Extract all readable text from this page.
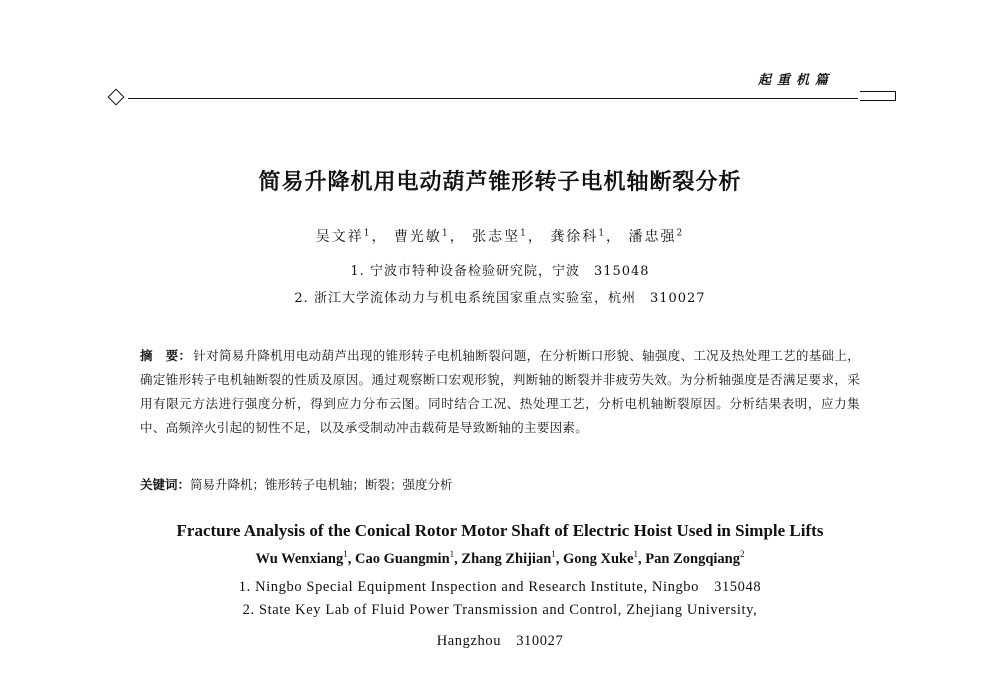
起重机篇
简易升降机用电动葫芦锥形转子电机轴断裂分析
吴文祥$^1$， 曹光敏$^1$， 张志坚$^1$， 龚徐科$^1$， 潘忠强$^2$
1. 宁波市特种设备检验研究院，宁波　315048
2. 浙江大学流体动力与机电系统国家重点实验室，杭州　310027
摘　要： 针对简易升降机用电动葫芦出现的锥形转子电机轴断裂问题，在分析断口形貌、轴强度、工况及热处理工艺的基础上，确定锥形转子电机轴断裂的性质及原因。通过观察断口宏观形貌，判断轴的断裂并非疲劳失效。为分析轴强度是否满足要求，采用有限元方法进行强度分析，得到应力分布云图。同时结合工况、热处理工艺，分析电机轴断裂原因。分析结果表明，应力集中、高频淬火引起的韧性不足，以及承受制动冲击载荷是导致断轴的主要因素。
关键词：简易升降机；锥形转子电机轴；断裂；强度分析
Fracture Analysis of the Conical Rotor Motor Shaft of Electric Hoist Used in Simple Lifts
Wu Wenxiang$^1$, Cao Guangmin$^1$, Zhang Zhijian$^1$, Gong Xuke$^1$, Pan Zongqiang$^2$
1. Ningbo Special Equipment Inspection and Research Institute, Ningbo　315048
2. State Key Lab of Fluid Power Transmission and Control, Zhejiang University,
Hangzhou　310027
